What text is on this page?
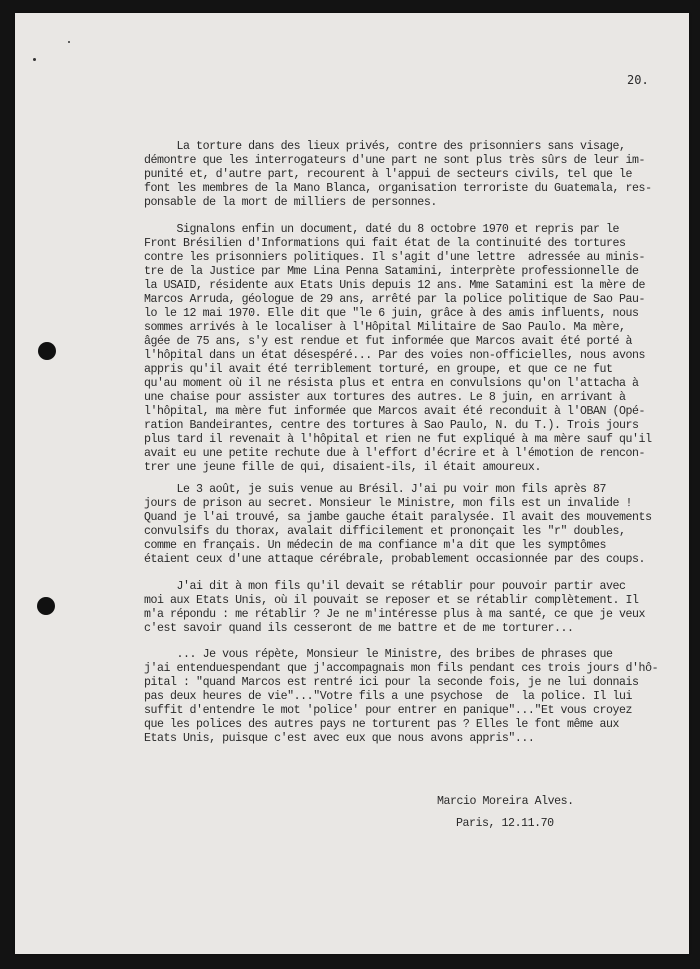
20.
La torture dans des lieux privés, contre des prisonniers sans visage,
démontre que les interrogateurs d'une part ne sont plus très sûrs de leur im-
punité et, d'autre part, recourent à l'appui de secteurs civils, tel que le
font les membres de la Mano Blanca, organisation terroriste du Guatemala, res-
ponsable de la mort de milliers de personnes.
Signalons enfin un document, daté du 8 octobre 1970 et repris par le
Front Brésilien d'Informations qui fait état de la continuité des tortures
contre les prisonniers politiques. Il s'agit d'une lettre  adressée au minis-
tre de la Justice par Mme Lina Penna Satamini, interprète professionnelle de
la USAID, résidente aux Etats Unis depuis 12 ans. Mme Satamini est la mère de
Marcos Arruda, géologue de 29 ans, arrêté par la police politique de Sao Pau-
lo le 12 mai 1970. Elle dit que "le 6 juin, grâce à des amis influents, nous
sommes arrivés à le localiser à l'Hôpital Militaire de Sao Paulo. Ma mère,
âgée de 75 ans, s'y est rendue et fut informée que Marcos avait été porté à
l'hôpital dans un état désespéré... Par des voies non-officielles, nous avons
appris qu'il avait été terriblement torturé, en groupe, et que ce ne fut
qu'au moment où il ne résista plus et entra en convulsions qu'on l'attacha à
une chaise pour assister aux tortures des autres. Le 8 juin, en arrivant à
l'hôpital, ma mère fut informée que Marcos avait été reconduit à l'OBAN (Opé-
ration Bandeirantes, centre des tortures à Sao Paulo, N. du T.). Trois jours
plus tard il revenait à l'hôpital et rien ne fut expliqué à ma mère sauf qu'il
avait eu une petite rechute due à l'effort d'écrire et à l'émotion de rencon-
trer une jeune fille de qui, disaient-ils, il était amoureux.
Le 3 août, je suis venue au Brésil. J'ai pu voir mon fils après 87
jours de prison au secret. Monsieur le Ministre, mon fils est un invalide !
Quand je l'ai trouvé, sa jambe gauche était paralysée. Il avait des mouvements
convulsifs du thorax, avalait difficilement et prononçait les "r" doubles,
comme en français. Un médecin de ma confiance m'a dit que les symptômes
étaient ceux d'une attaque cérébrale, probablement occasionnée par des coups.
J'ai dit à mon fils qu'il devait se rétablir pour pouvoir partir avec
moi aux Etats Unis, où il pouvait se reposer et se rétablir complètement. Il
m'a répondu : me rétablir ? Je ne m'intéresse plus à ma santé, ce que je veux
c'est savoir quand ils cesseront de me battre et de me torturer...
... Je vous répète, Monsieur le Ministre, des bribes de phrases que
j'ai entenduespendant que j'accompagnais mon fils pendant ces trois jours d'hô-
pital : "quand Marcos est rentré ici pour la seconde fois, je ne lui donnais
pas deux heures de vie"..."Votre fils a une psychose  de  la police. Il lui
suffit d'entendre le mot 'police' pour entrer en panique"..."Et vous croyez
que les polices des autres pays ne torturent pas ? Elles le font même aux
Etats Unis, puisque c'est avec eux que nous avons appris"...
Marcio Moreira Alves.
Paris, 12.11.70
